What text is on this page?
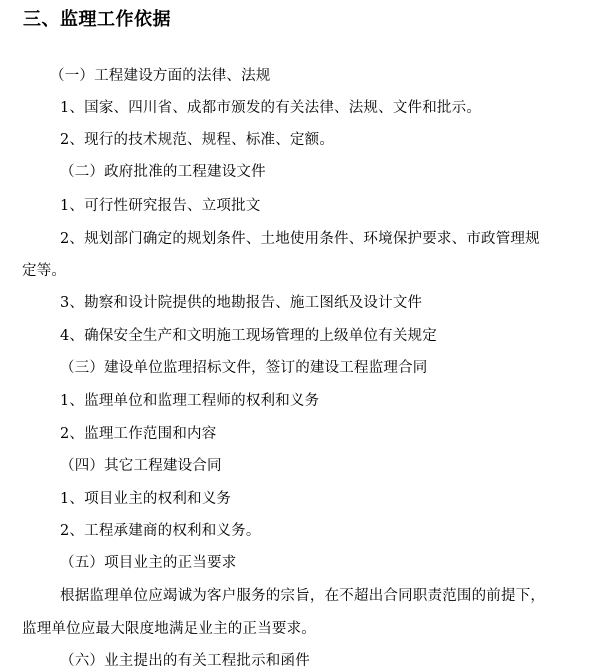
三、监理工作依据
（一）工程建设方面的法律、法规
1、国家、四川省、成都市颁发的有关法律、法规、文件和批示。
2、现行的技术规范、规程、标准、定额。
（二）政府批准的工程建设文件
1、可行性研究报告、立项批文
2、规划部门确定的规划条件、土地使用条件、环境保护要求、市政管理规
定等。
3、勘察和设计院提供的地勘报告、施工图纸及设计文件
4、确保安全生产和文明施工现场管理的上级单位有关规定
（三）建设单位监理招标文件，签订的建设工程监理合同
1、监理单位和监理工程师的权利和义务
2、监理工作范围和内容
（四）其它工程建设合同
1、项目业主的权利和义务
2、工程承建商的权利和义务。
（五）项目业主的正当要求
根据监理单位应竭诚为客户服务的宗旨，在不超出合同职责范围的前提下，
监理单位应最大限度地满足业主的正当要求。
（六）业主提出的有关工程批示和函件
